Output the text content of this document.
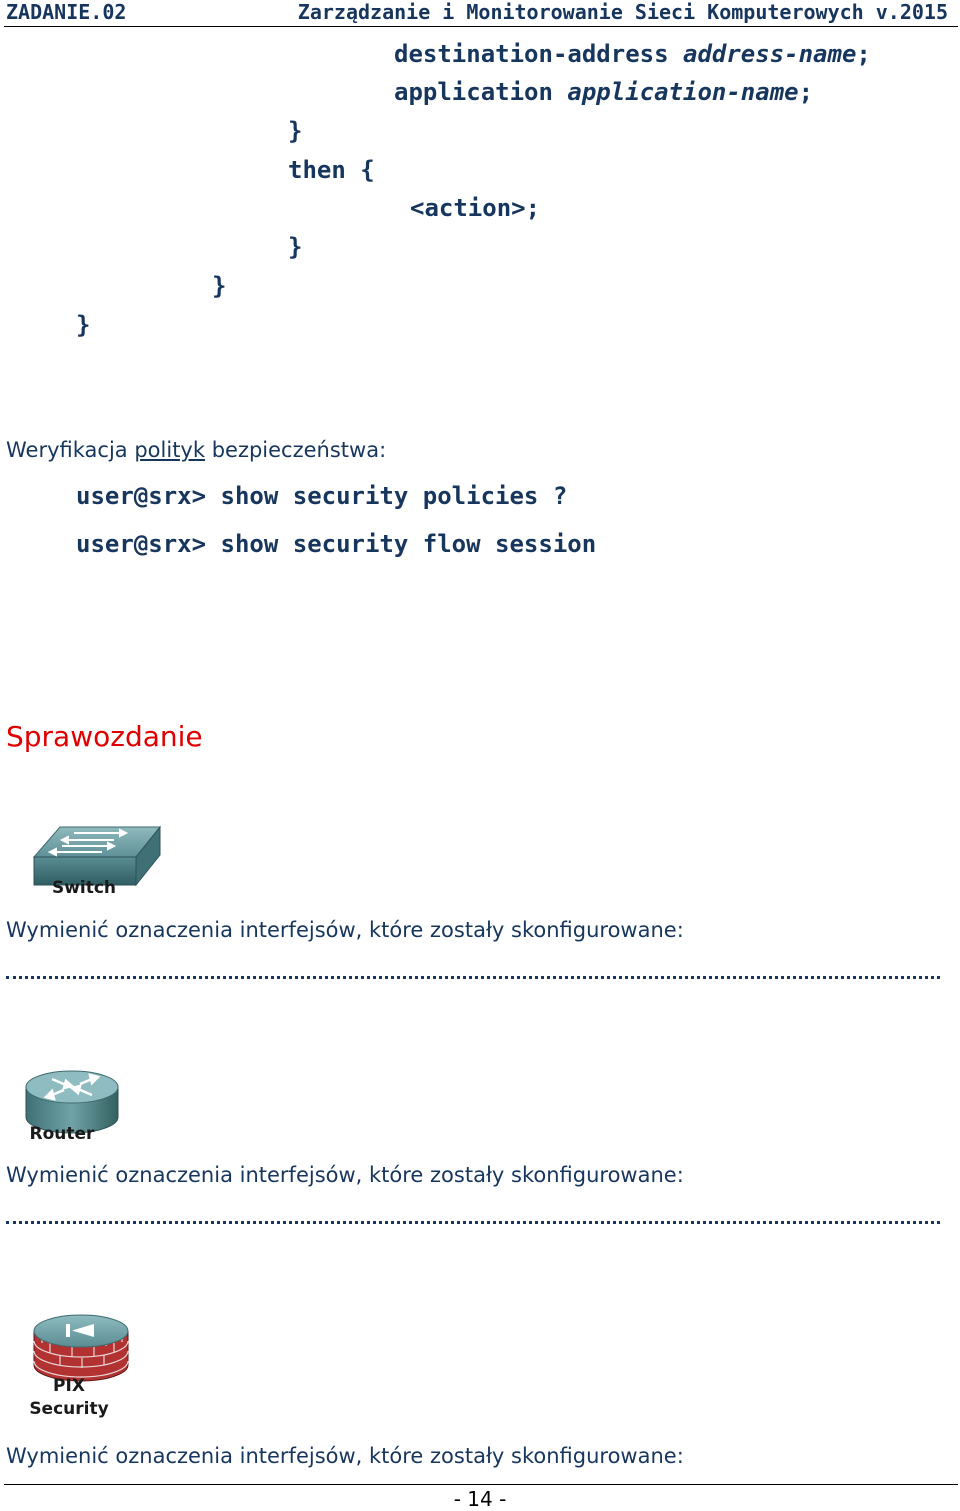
ZADANIE.02	Zarządzanie i Monitorowanie Sieci Komputerowych v.2015
destination-address address-name;
application application-name;
}
then {
<action>;
}
}
}
Weryfikacja polityk bezpieczeństwa:
user@srx> show security policies ?
user@srx> show security flow session
Sprawozdanie

Switch
Wymienić oznaczenia interfejsów, które zostały skonfigurowane:

Router
Wymienić oznaczenia interfejsów, które zostały skonfigurowane:

PIX
Security
Wymienić oznaczenia interfejsów, które zostały skonfigurowane:
- 14 -
